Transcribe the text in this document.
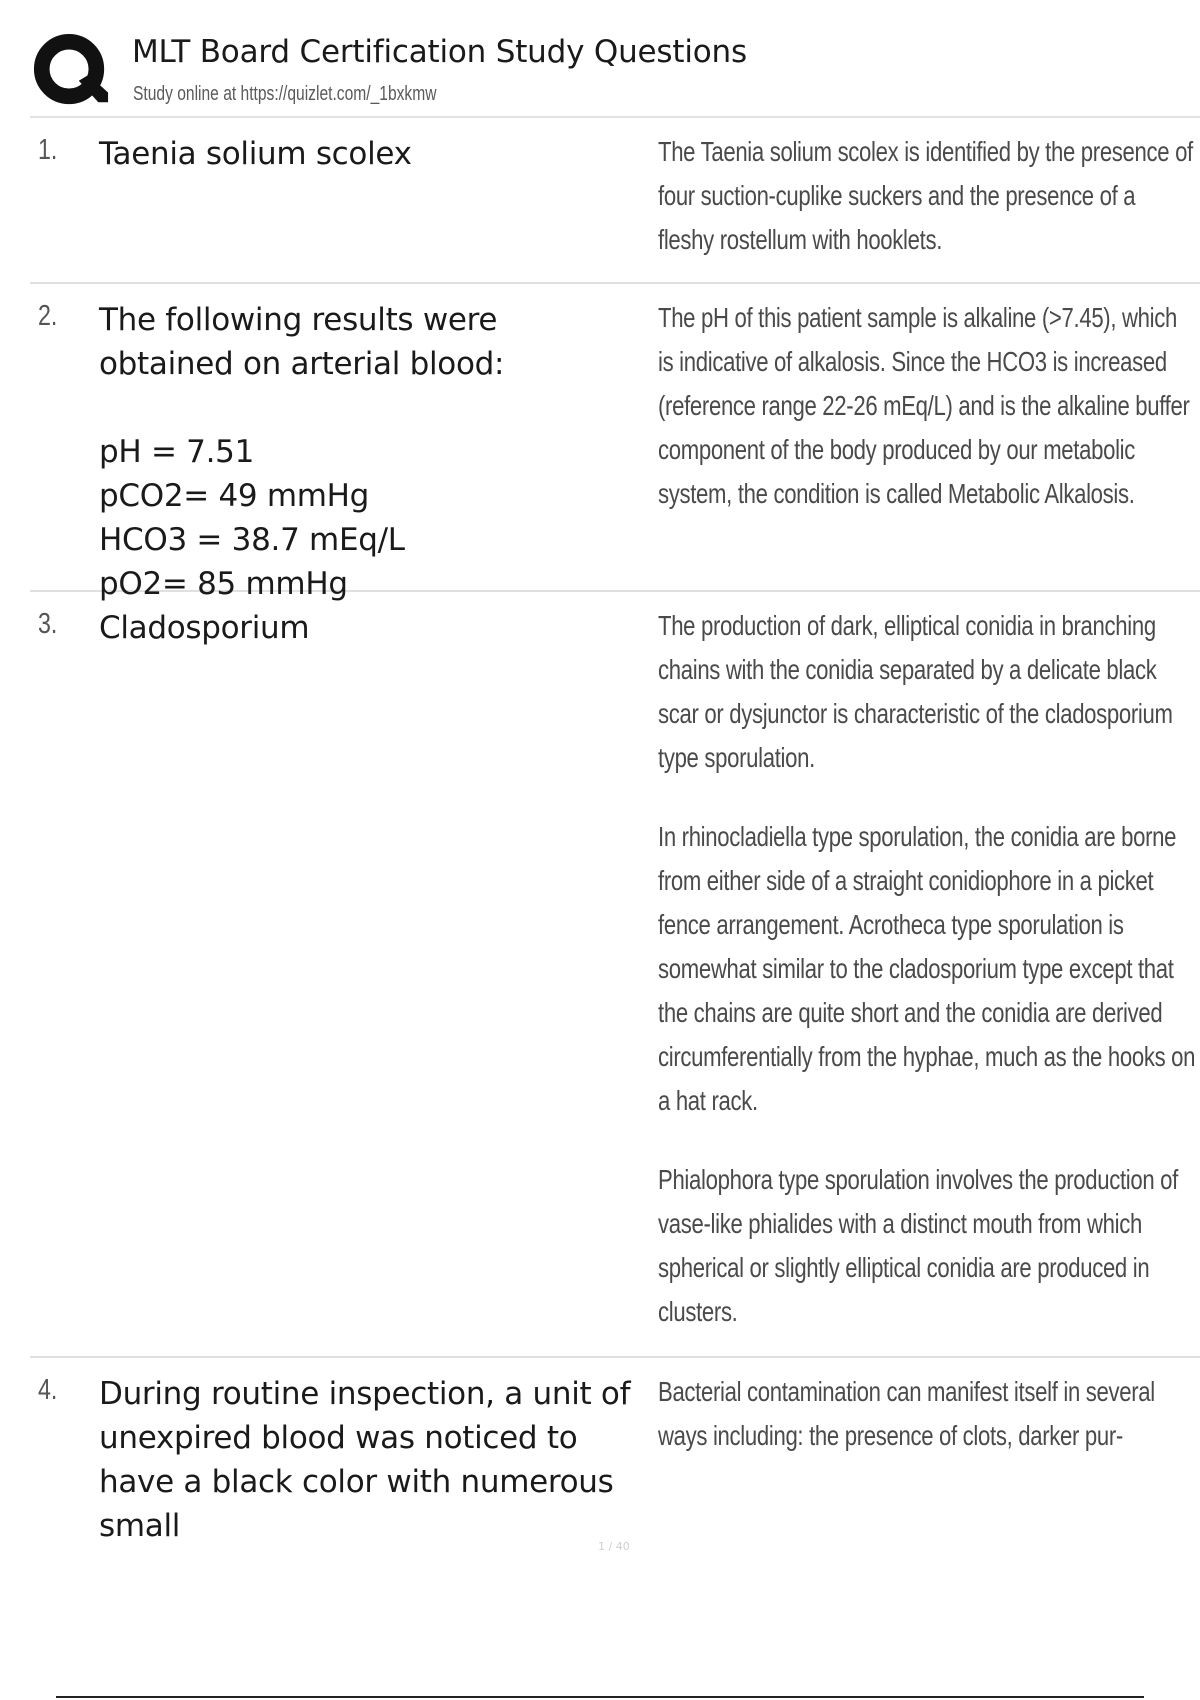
MLT Board Certification Study Questions
Study online at https://quizlet.com/_1bxkmw
1. Taenia solium scolex	The Taenia solium scolex is identified by the presence of four suction-cuplike suckers and the presence of a fleshy rostellum with hooklets.

2. The following results were obtained on arterial blood:

pH = 7.51
pCO2= 49 mmHg
HCO3 = 38.7 mEq/L
pO2= 85 mmHg

The pH of this patient sample is alkaline (>7.45), which is indicative of alkalosis. Since the HCO3 is increased (reference range 22-26 mEq/L) and is the alkaline buffer component of the body produced by our metabolic system, the condition is called Metabolic Alkalosis.

3. Cladosporium	The production of dark, elliptical conidia in branching chains with the conidia separated by a delicate black scar or dysjunctor is characteristic of the cladosporium type sporulation.

In rhinocladiella type sporulation, the conidia are borne from either side of a straight conidiophore in a picket fence arrangement. Acrotheca type sporulation is somewhat similar to the cladosporium type except that the chains are quite short and the conidia are derived circumferentially from the hyphae, much as the hooks on a hat rack.

Phialophora type sporulation involves the production of vase-like phialides with a distinct mouth from which spherical or slightly elliptical conidia are produced in clusters.

4. During routine inspection, a unit of unexpired blood was noticed to have a black color with numerous small

Bacterial contamination can manifest itself in several ways including: the presence of clots, darker pur-

1 / 40
